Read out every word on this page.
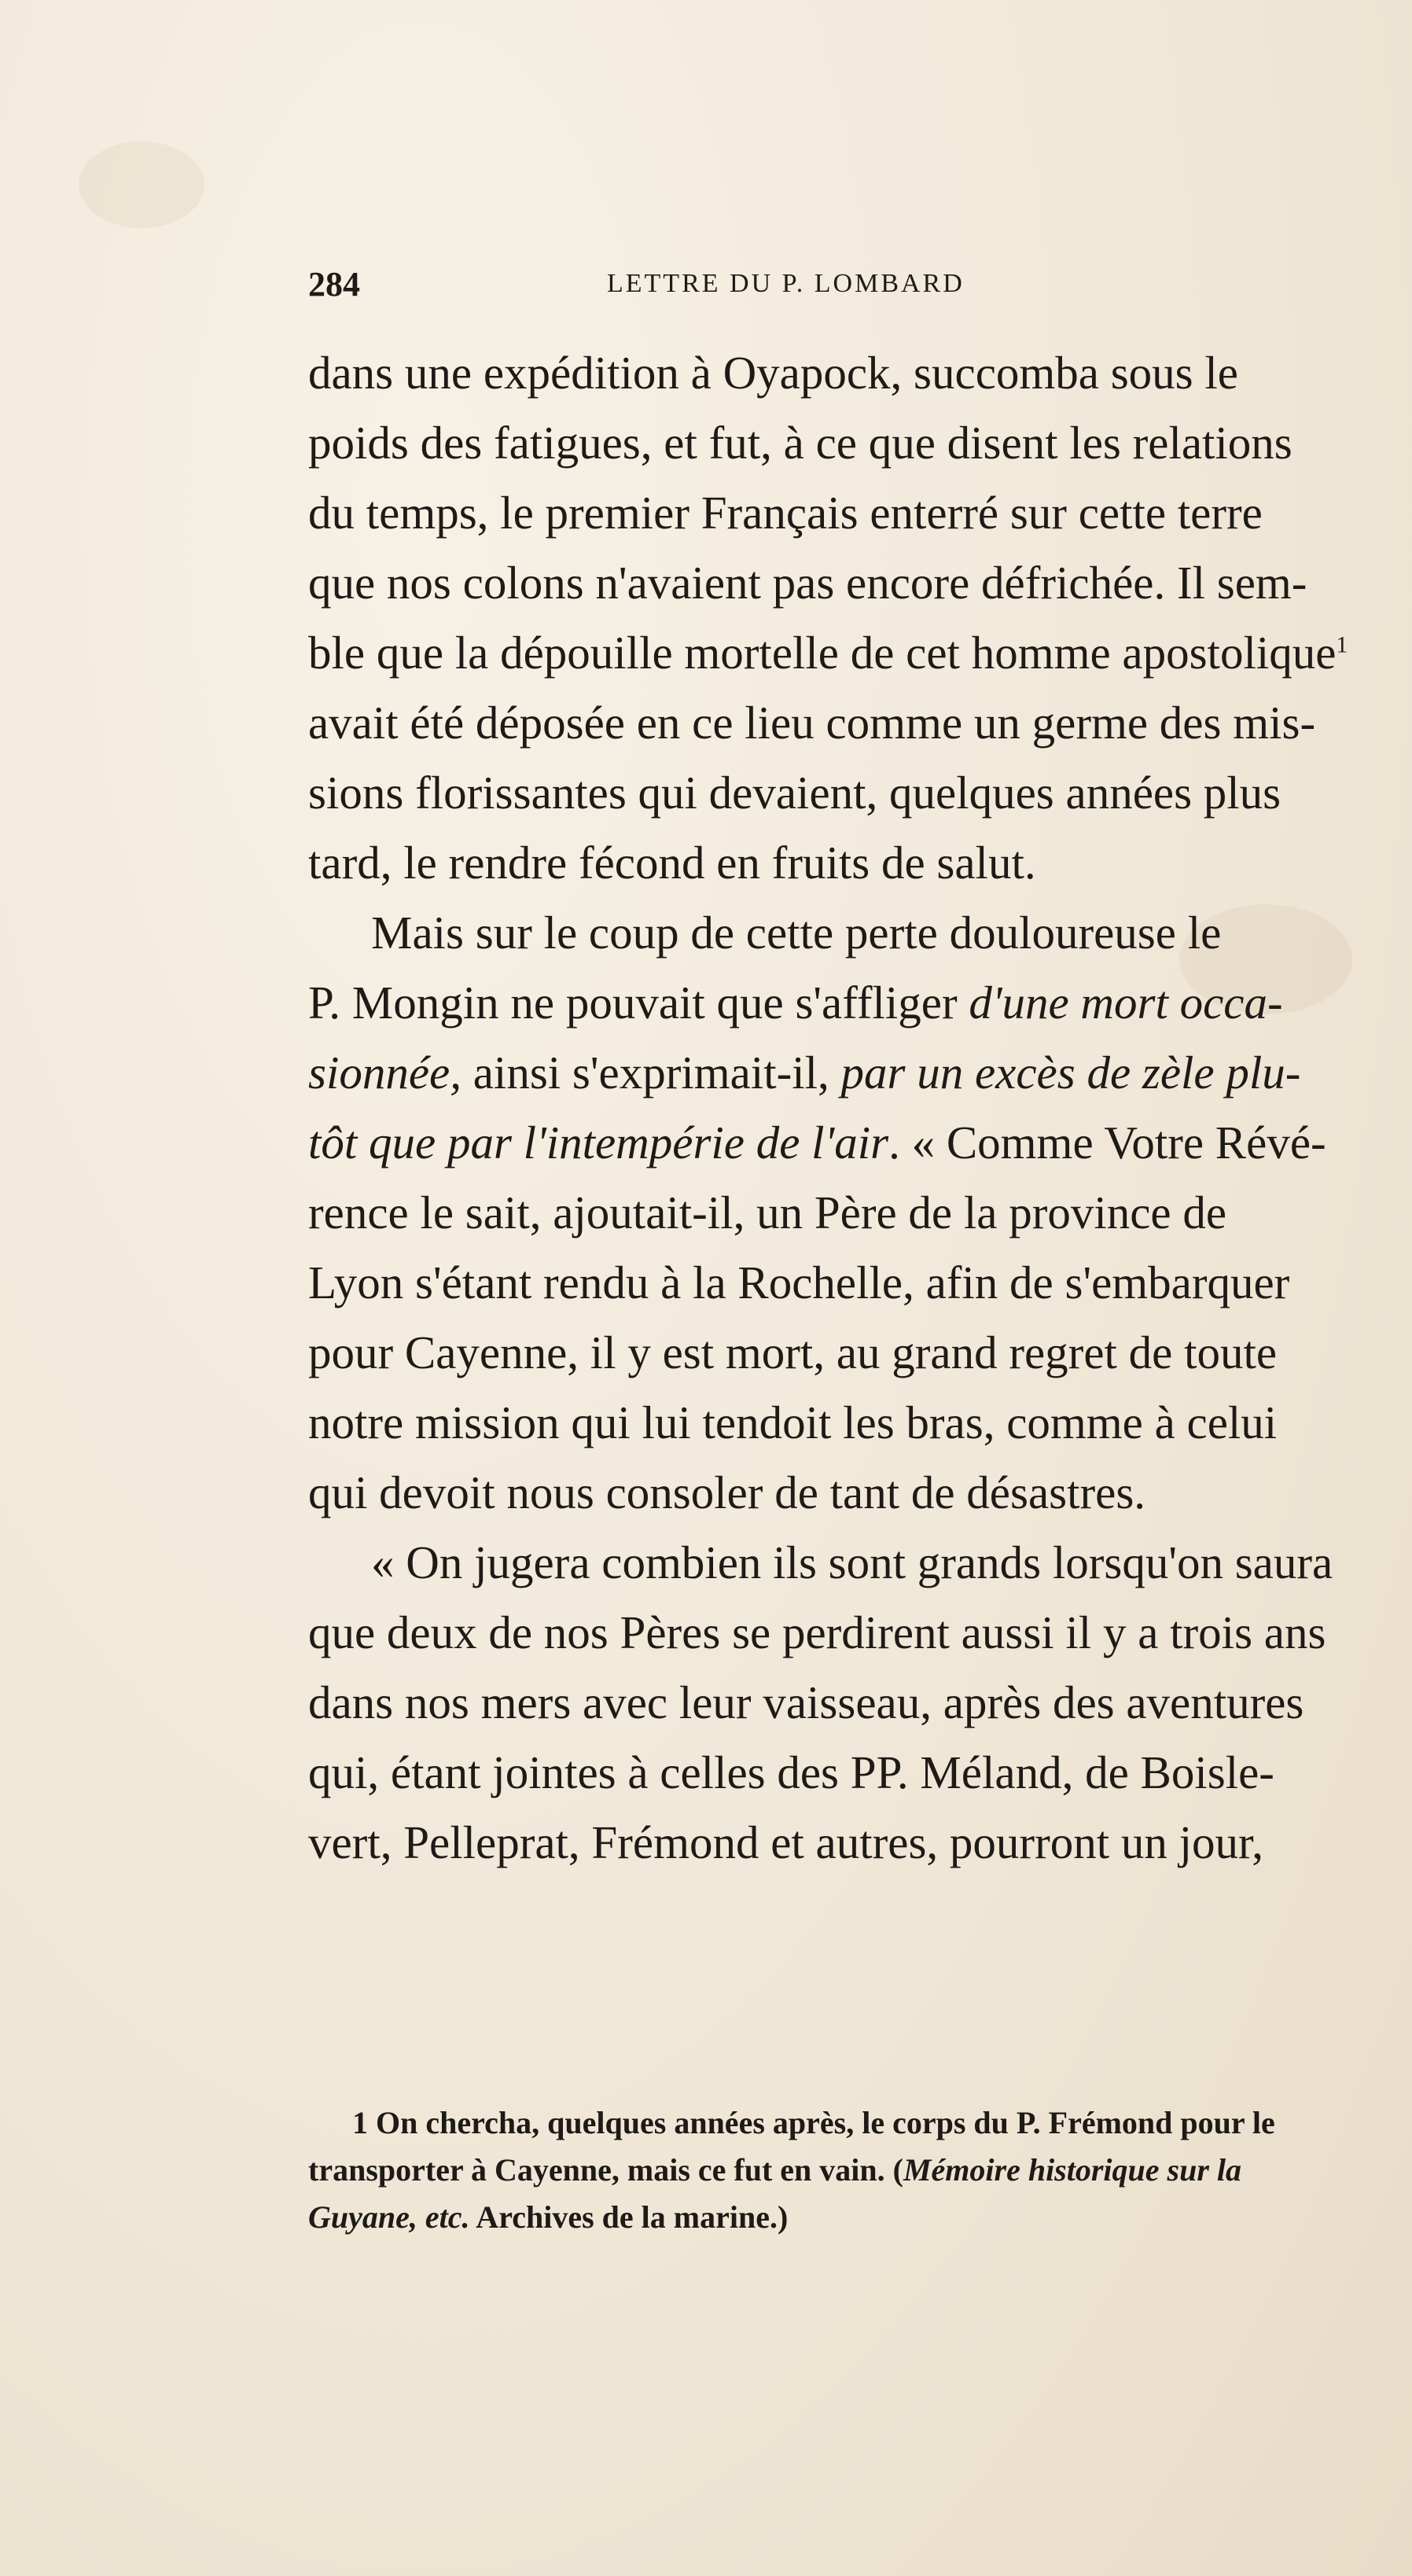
284	LETTRE DU P. LOMBARD
dans une expédition à Oyapock, succomba sous le
poids des fatigues, et fut, à ce que disent les relations
du temps, le premier Français enterré sur cette terre
que nos colons n'avaient pas encore défrichée. Il sem-
ble que la dépouille mortelle de cet homme apostolique$^1$
avait été déposée en ce lieu comme un germe des mis-
sions florissantes qui devaient, quelques années plus
tard, le rendre fécond en fruits de salut.
Mais sur le coup de cette perte douloureuse le
P. Mongin ne pouvait que s'affliger d'une mort occa-
sionnée, ainsi s'exprimait-il, par un excès de zèle plu-
tôt que par l'intempérie de l'air. « Comme Votre Révé-
rence le sait, ajoutait-il, un Père de la province de
Lyon s'étant rendu à la Rochelle, afin de s'embarquer
pour Cayenne, il y est mort, au grand regret de toute
notre mission qui lui tendoit les bras, comme à celui
qui devoit nous consoler de tant de désastres.
« On jugera combien ils sont grands lorsqu'on saura
que deux de nos Pères se perdirent aussi il y a trois ans
dans nos mers avec leur vaisseau, après des aventures
qui, étant jointes à celles des PP. Méland, de Boisle-
vert, Pelleprat, Frémond et autres, pourront un jour,
1 On chercha, quelques années après, le corps du P. Frémond pour le
transporter à Cayenne, mais ce fut en vain. (Mémoire historique sur la
Guyane, etc. Archives de la marine.)
